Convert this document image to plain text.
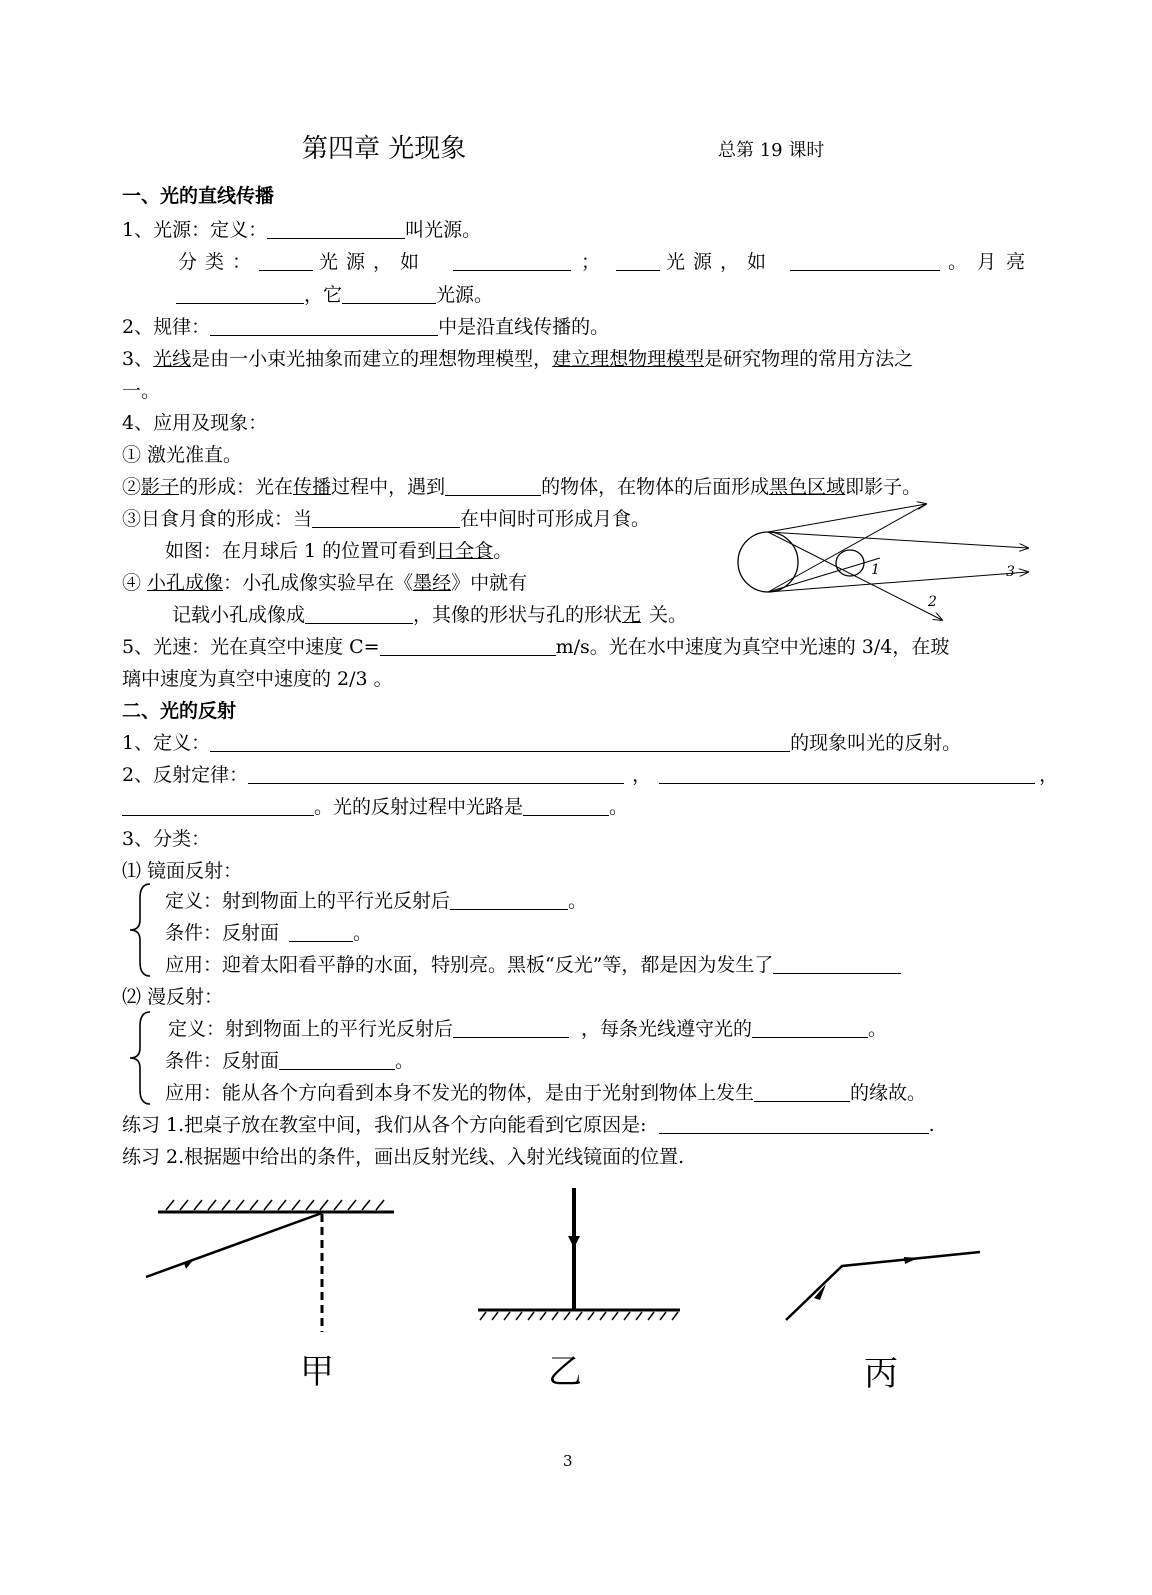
第四章 光现象	总第 19 课时
一、光的直线传播
1、光源：定义：	叫光源。
分类：	光源，如	；	光源，如	。月亮
，它	光源。
2、规律：	中是沿直线传播的。
3、光线是由一小束光抽象而建立的理想物理模型，建立理想物理模型是研究物理的常用方法之
一。
4、应用及现象：
① 激光准直。
②影子的形成：光在传播过程中，遇到	的物体，在物体的后面形成黑色区域即影子。
③日食月食的形成：当	在中间时可形成月食。
如图：在月球后 1 的位置可看到日全食。
④ 小孔成像：小孔成像实验早在《墨经》中就有
记载小孔成像成	，其像的形状与孔的形状无 关。
5、光速：光在真空中速度 C=	m/s。光在水中速度为真空中光速的 3/4，在玻
璃中速度为真空中速度的 2/3 。
1
2
3
二、光的反射
1、定义：	的现象叫光的反射。
2、反射定律：	，	，
。光的反射过程中光路是	。
3、分类：
⑴ 镜面反射：
定义：射到物面上的平行光反射后	。
条件：反射面	。
应用：迎着太阳看平静的水面，特别亮。黑板“反光”等，都是因为发生了
⑵ 漫反射：
定义：射到物面上的平行光反射后	，每条光线遵守光的	。
条件：反射面	。
应用：能从各个方向看到本身不发光的物体，是由于光射到物体上发生	的缘故。
练习 1.把桌子放在教室中间，我们从各个方向能看到它原因是:	.
练习 2.根据题中给出的条件，画出反射光线、入射光线镜面的位置.
甲	乙	丙
3
